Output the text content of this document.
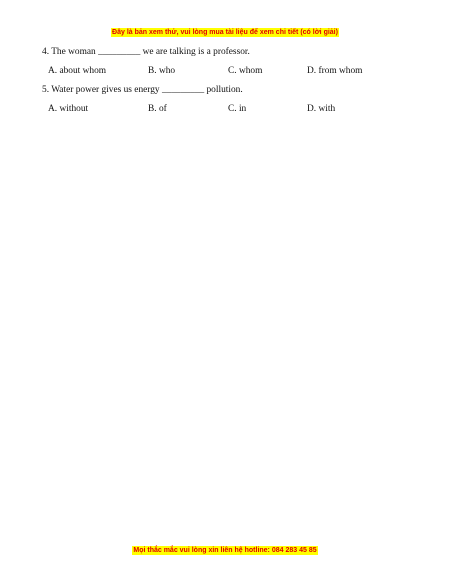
Đây là bản xem thử, vui lòng mua tài liệu để xem chi tiết (có lời giải)
4. The woman _________ we are talking is a professor.
A. about whom	B. who	C. whom	D. from whom
5. Water power gives us energy _________ pollution.
A. without	B. of	C. in	D. with
Mọi thắc mắc vui lòng xin liên hệ hotline: 084 283 45 85
